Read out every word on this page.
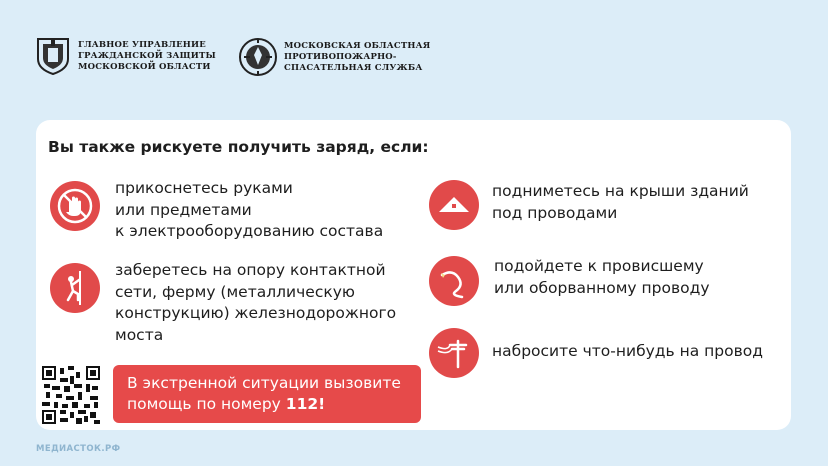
ГЛАВНОЕ УПРАВЛЕНИЕ
ГРАЖДАНСКОЙ ЗАЩИТЫ
МОСКОВСКОЙ ОБЛАСТИ
МОСКОВСКАЯ ОБЛАСТНАЯ
ПРОТИВОПОЖАРНО-
СПАСАТЕЛЬНАЯ СЛУЖБА
Вы также рискуете получить заряд, если:
прикоснетесь руками
или предметами
к электрооборудованию состава
заберетесь на опору контактной
сети, ферму (металлическую
конструкцию) железнодорожного
моста
подниметесь на крыши зданий
под проводами
подойдете к провисшему
или оборванному проводу
набросите что-нибудь на провод
В экстренной ситуации вызовите
помощь по номеру 112!
МЕДИАСТОК.РФ
